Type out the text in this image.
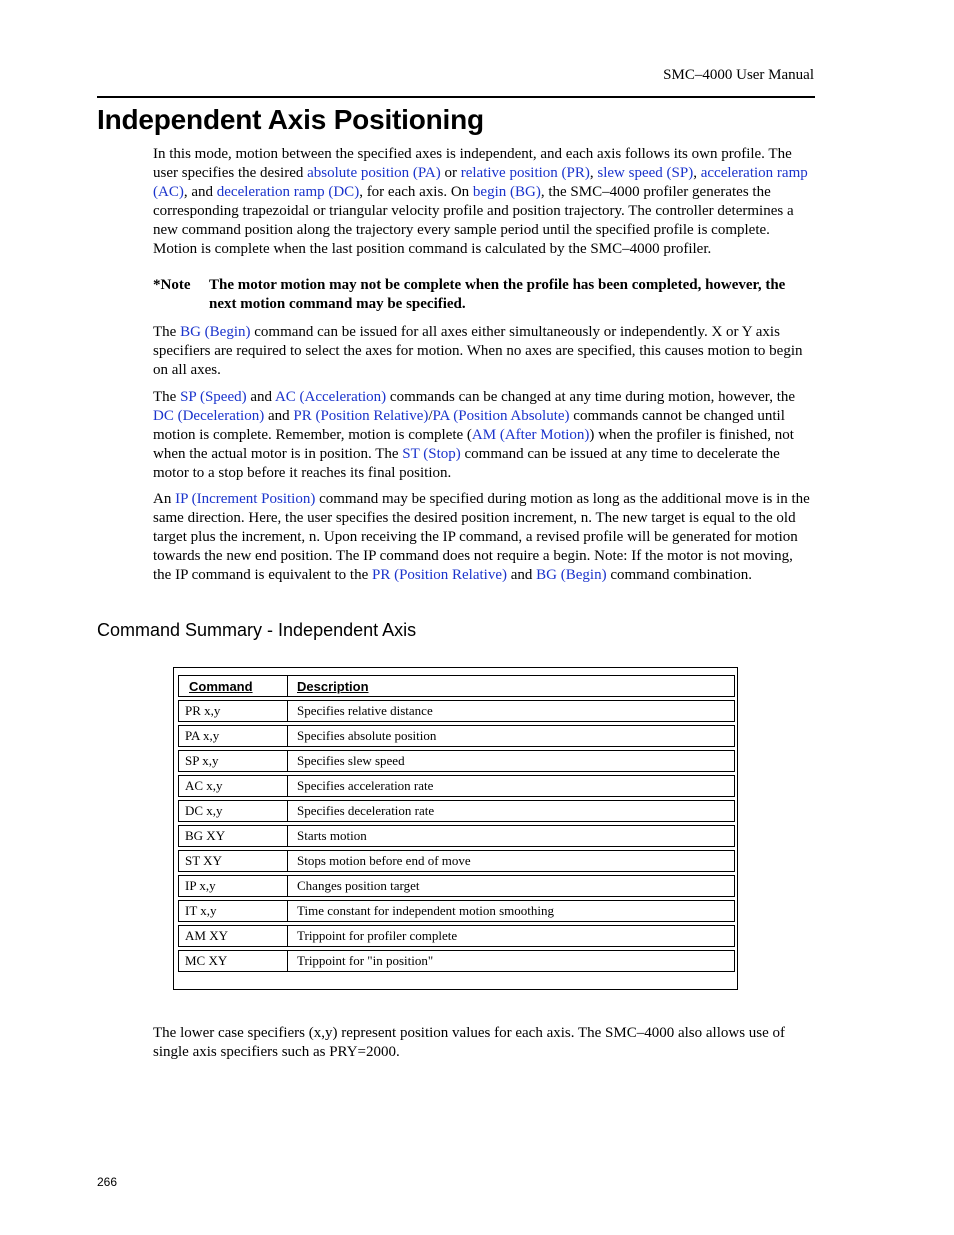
SMC–4000 User Manual
Independent Axis Positioning

In this mode, motion between the specified axes is independent, and each axis follows its own profile. The user specifies the desired absolute position (PA) or relative position (PR), slew speed (SP), acceleration ramp (AC), and deceleration ramp (DC), for each axis. On begin (BG), the SMC–4000 profiler generates the corresponding trapezoidal or triangular velocity profile and position trajectory. The controller determines a new command position along the trajectory every sample period until the specified profile is complete. Motion is complete when the last position command is calculated by the SMC–4000 profiler.

*Note The motor motion may not be complete when the profile has been completed, however, the next motion command may be specified.

The BG (Begin) command can be issued for all axes either simultaneously or independently. X or Y axis specifiers are required to select the axes for motion. When no axes are specified, this causes motion to begin on all axes.

The SP (Speed) and AC (Acceleration) commands can be changed at any time during motion, however, the DC (Deceleration) and PR (Position Relative)/PA (Position Absolute) commands cannot be changed until motion is complete. Remember, motion is complete (AM (After Motion)) when the profiler is finished, not when the actual motor is in position. The ST (Stop) command can be issued at any time to decelerate the motor to a stop before it reaches its final position.

An IP (Increment Position) command may be specified during motion as long as the additional move is in the same direction. Here, the user specifies the desired position increment, n. The new target is equal to the old target plus the increment, n. Upon receiving the IP command, a revised profile will be generated for motion towards the new end position. The IP command does not require a begin. Note: If the motor is not moving, the IP command is equivalent to the PR (Position Relative) and BG (Begin) command combination.

Command Summary - Independent Axis
Command	Description
PR x,y	Specifies relative distance
PA x,y	Specifies absolute position
SP x,y	Specifies slew speed
AC x,y	Specifies acceleration rate
DC x,y	Specifies deceleration rate
BG XY	Starts motion
ST XY	Stops motion before end of move
IP x,y	Changes position target
IT x,y	Time constant for independent motion smoothing
AM XY	Trippoint for profiler complete
MC XY	Trippoint for "in position"

The lower case specifiers (x,y) represent position values for each axis. The SMC–4000 also allows use of single axis specifiers such as PRY=2000.

266
